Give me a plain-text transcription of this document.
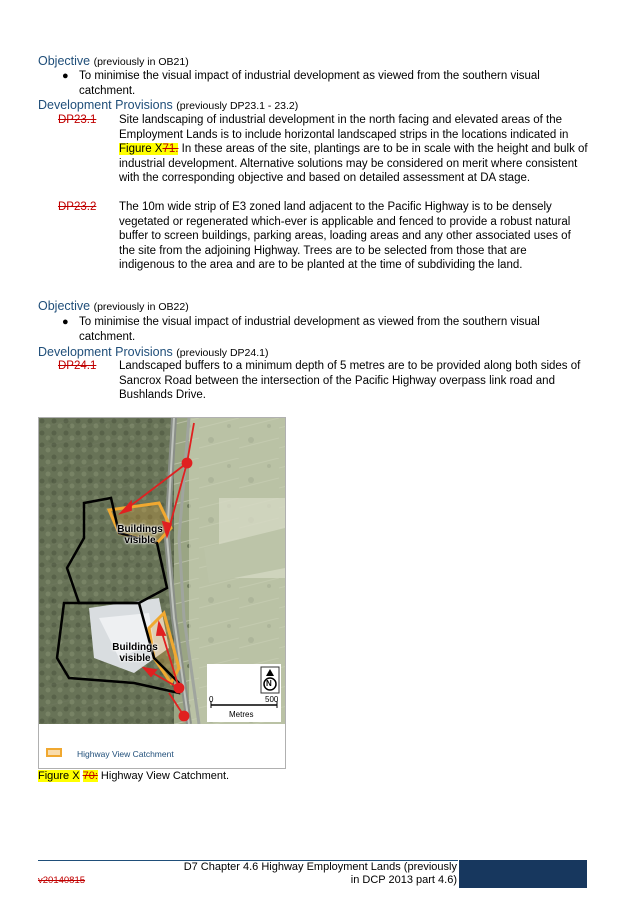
Objective (previously in OB21)
● To minimise the visual impact of industrial development as viewed from the southern visual catchment.
Development Provisions (previously DP23.1 - 23.2)
DP23.1 Site landscaping of industrial development in the north facing and elevated areas of the Employment Lands is to include horizontal landscaped strips in the locations indicated in Figure X71. In these areas of the site, plantings are to be in scale with the height and bulk of industrial development. Alternative solutions may be considered on merit where consistent with the corresponding objective and based on detailed assessment at DA stage.
DP23.2 The 10m wide strip of E3 zoned land adjacent to the Pacific Highway is to be densely vegetated or regenerated which-ever is applicable and fenced to provide a robust natural buffer to screen buildings, parking areas, loading areas and any other associated uses of the site from the adjoining Highway. Trees are to be selected from those that are indigenous to the area and are to be planted at the time of subdividing the land.
Objective (previously in OB22)
● To minimise the visual impact of industrial development as viewed from the southern visual catchment.
Development Provisions (previously DP24.1)
DP24.1 Landscaped buffers to a minimum depth of 5 metres are to be provided along both sides of Sancrox Road between the intersection of the Pacific Highway overpass link road and Bushlands Drive.
Buildings visible
Buildings visible
N
0	500
Metres
Highway View Catchment
Figure X 70: Highway View Catchment.
v20140815
D7 Chapter 4.6 Highway Employment Lands (previously
in DCP 2013 part 4.6)
